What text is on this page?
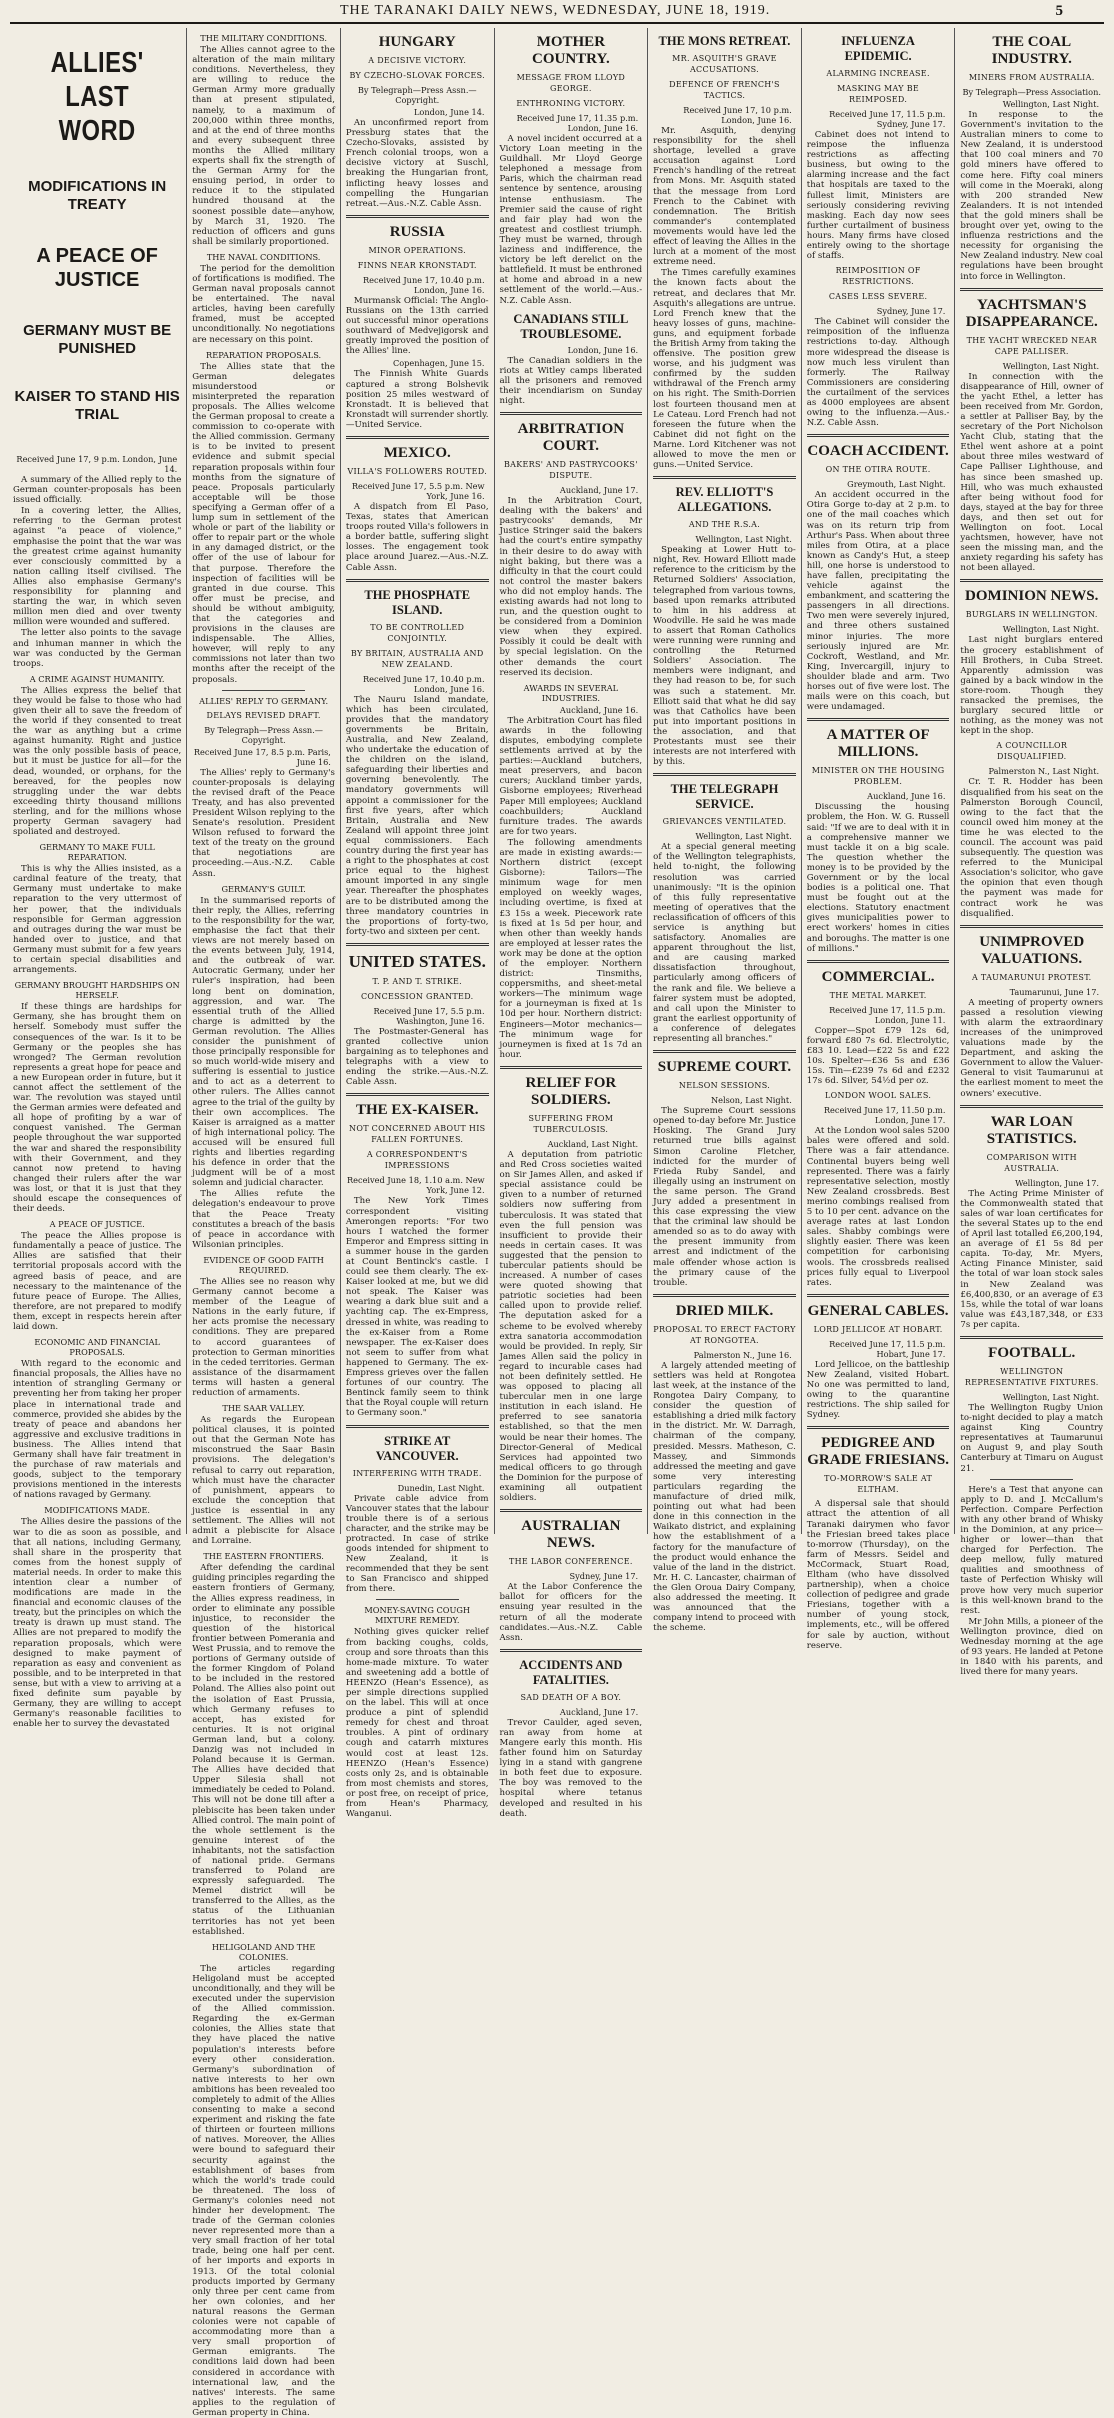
THE TARANAKI DAILY NEWS, WEDNESDAY, JUNE 18, 1919.	5
ALLIES' LAST WORD
MODIFICATIONS IN TREATY
A PEACE OF JUSTICE
GERMANY MUST BE PUNISHED
KAISER TO STAND HIS TRIAL
Received June 17, 9 p.m. London, June 14.

A summary of the Allied reply to the German counter-proposals has been issued officially.

In a covering letter, the Allies, referring to the German protest against "a peace of violence," emphasise the point that the war was the greatest crime against humanity ever consciously committed by a nation calling itself civilised. The Allies also emphasise Germany's responsibility for planning and starting the war, in which seven million men died and over twenty million were wounded and suffered.

The letter also points to the savage and inhuman manner in which the war was conducted by the German troops.

A CRIME AGAINST HUMANITY.

The Allies express the belief that they would be false to those who had given their all to save the freedom of the world if they consented to treat the war as anything but a crime against humanity. Right and justice was the only possible basis of peace, but it must be justice for all—for the dead, wounded, or orphans, for the bereaved, for the peoples now struggling under the war debts exceeding thirty thousand millions sterling, and for the millions whose property German savagery had spoliated and destroyed.

GERMANY TO MAKE FULL REPARATION.

This is why the Allies insisted, as a cardinal feature of the treaty, that Germany must undertake to make reparation to the very uttermost of her power, that the individuals responsible for German aggression and outrages during the war must be handed over to justice, and that Germany must submit for a few years to certain special disabilities and arrangements.

GERMANY BROUGHT HARDSHIPS ON HERSELF.

If these things are hardships for Germany, she has brought them on herself. Somebody must suffer the consequences of the war. Is it to be Germany or the peoples she has wronged? The German revolution represents a great hope for peace and a new European order in future, but it cannot affect the settlement of the war. The revolution was stayed until the German armies were defeated and all hope of profiting by a war of conquest vanished. The German people throughout the war supported the war and shared the responsibility with their Government, and they cannot now pretend to having changed their rulers after the war was lost, or that it is just that they should escape the consequences of their deeds.

A PEACE OF JUSTICE.

The peace the Allies propose is fundamentally a peace of justice. The Allies are satisfied that their territorial proposals accord with the agreed basis of peace, and are necessary to the maintenance of the future peace of Europe. The Allies, therefore, are not prepared to modify them, except in respects herein after laid down.

ECONOMIC AND FINANCIAL PROPOSALS.

With regard to the economic and financial proposals, the Allies have no intention of strangling Germany or preventing her from taking her proper place in international trade and commerce, provided she abides by the treaty of peace and abandons her aggressive and exclusive traditions in business. The Allies intend that Germany shall have fair treatment in the purchase of raw materials and goods, subject to the temporary provisions mentioned in the interests of nations ravaged by Germany.

MODIFICATIONS MADE.

The Allies desire the passions of the war to die as soon as possible, and that all nations, including Germany, shall share in the prosperity that comes from the honest supply of material needs. In order to make this intention clear a number of modifications are made in the financial and economic clauses of the treaty, but the principles on which the treaty is drawn up must stand. The Allies are not prepared to modify the reparation proposals, which were designed to make payment of reparation as easy and convenient as possible, and to be interpreted in that sense, but with a view to arriving at a fixed definite sum payable by Germany, they are willing to accept Germany's reasonable facilities to enable her to survey the devastated

THE MILITARY CONDITIONS.

The Allies cannot agree to the alteration of the main military conditions. Nevertheless, they are willing to reduce the German Army more gradually than at present stipulated, namely, to a maximum of 200,000 within three months, and at the end of three months and every subsequent three months the Allied military experts shall fix the strength of the German Army for the ensuing period, in order to reduce it to the stipulated hundred thousand at the soonest possible date—anyhow, by March 31, 1920. The reduction of officers and guns shall be similarly proportioned.

THE NAVAL CONDITIONS.

The period for the demolition of fortifications is modified. The German naval proposals cannot be entertained. The naval articles, having been carefully framed, must be accepted unconditionally. No negotiations are necessary on this point.

REPARATION PROPOSALS.

The Allies state that the German delegates misunderstood or misinterpreted the reparation proposals. The Allies welcome the German proposal to create a commission to co-operate with the Allied commission. Germany is to be invited to present evidence and submit special reparation proposals within four months from the signature of peace. Proposals particularly acceptable will be those specifying a German offer of a lump sum in settlement of the whole or part of the liability or offer to repair part or the whole in any damaged district, or the offer of the use of labour for that purpose. Therefore the inspection of facilities will be granted in due course. This offer must be precise, and should be without ambiguity, that the categories and provisions in the clauses are indispensable. The Allies, however, will reply to any commissions not later than two months after the receipt of the proposals.

ALLIES' REPLY TO GERMANY.
DELAYS REVISED DRAFT.
By Telegraph—Press Assn.—Copyright.
Received June 17, 8.5 p.m. Paris, June 16.

The Allies' reply to Germany's counter-proposals is delaying the revised draft of the Peace Treaty, and has also prevented President Wilson replying to the Senate's resolution. President Wilson refused to forward the text of the treaty on the ground that negotiations are proceeding.—Aus.-N.Z. Cable Assn.

GERMANY'S GUILT.

In the summarised reports of their reply, the Allies, referring to the responsibility for the war, emphasise the fact that their views are not merely based on the events between July, 1914, and the outbreak of war. Autocratic Germany, under her ruler's inspiration, had been long bent on domination, aggression, and war. The essential truth of the Allied charge is admitted by the German revolution. The Allies consider the punishment of those principally responsible for so much world-wide misery and suffering is essential to justice and to act as a deterrent to other rulers. The Allies cannot agree to the trial of the guilty by their own accomplices. The Kaiser is arraigned as a matter of high international policy. The accused will be ensured full rights and liberties regarding his defence in order that the judgment will be of a most solemn and judicial character.

The Allies refute the delegation's endeavour to prove that the Peace Treaty constitutes a breach of the basis of peace in accordance with Wilsonian principles.

EVIDENCE OF GOOD FAITH REQUIRED.

The Allies see no reason why Germany cannot become a member of the League of Nations in the early future, if her acts promise the necessary conditions. They are prepared to accord guarantees of protection to German minorities in the ceded territories. German assistance of the disarmament terms will hasten a general reduction of armaments.

THE SAAR VALLEY.

As regards the European political clauses, it is pointed out that the German Note has misconstrued the Saar Basin provisions. The delegation's refusal to carry out reparation, which must have the character of punishment, appears to exclude the conception that justice is essential in any settlement. The Allies will not admit a plebiscite for Alsace and Lorraine.

THE EASTERN FRONTIERS.

After defending the cardinal guiding principles regarding the eastern frontiers of Germany, the Allies express readiness, in order to eliminate any possible injustice, to reconsider the question of the historical frontier between Pomerania and West Prussia, and to remove the portions of Germany outside of the former Kingdom of Poland to be included in the restored Poland. The Allies also point out the isolation of East Prussia, which Germany refuses to accept, has existed for centuries. It is not original German land, but a colony. Danzig was not included in Poland because it is German. The Allies have decided that Upper Silesia shall not immediately be ceded to Poland. This will not be done till after a plebiscite has been taken under Allied control. The main point of the whole settlement is the genuine interest of the inhabitants, not the satisfaction of national pride. Germans transferred to Poland are expressly safeguarded. The Memel district will be transferred to the Allies, as the status of the Lithuanian territories has not yet been established.

HELIGOLAND AND THE COLONIES.

The articles regarding Heligoland must be accepted unconditionally, and they will be executed under the supervision of the Allied commission. Regarding the ex-German colonies, the Allies state that they have placed the native population's interests before every other consideration. Germany's subordination of native interests to her own ambitions has been revealed too completely to admit of the Allies consenting to make a second experiment and risking the fate of thirteen or fourteen millions of natives. Moreover, the Allies were bound to safeguard their security against the establishment of bases from which the world's trade could be threatened. The loss of Germany's colonies need not hinder her development. The trade of the German colonies never represented more than a very small fraction of her total trade, being one half per cent. of her imports and exports in 1913. Of the total colonial products imported by Germany only three per cent came from her own colonies, and her natural reasons the German colonies were not capable of accommodating more than a very small proportion of German emigrants. The conditions laid down had been considered in accordance with international law, and the natives' interests. The same applies to the regulation of German property in China.

HUNGARY
A DECISIVE VICTORY.
BY CZECHO-SLOVAK FORCES.
By Telegraph—Press Assn.—Copyright.
London, June 14.

An unconfirmed report from Pressburg states that the Czecho-Slovaks, assisted by French colonial troops, won a decisive victory at Suschl, breaking the Hungarian front, inflicting heavy losses and compelling the Hungarian retreat.—Aus.-N.Z. Cable Assn.

RUSSIA
MINOR OPERATIONS.
FINNS NEAR KRONSTADT.
Received June 17, 10.40 p.m. London, June 16.

Murmansk Official: The Anglo-Russians on the 13th carried out successful minor operations southward of Medvejigorsk and greatly improved the position of the Allies' line.

Copenhagen, June 15.

The Finnish White Guards captured a strong Bolshevik position 25 miles westward of Kronstadt. It is believed that Kronstadt will surrender shortly.—United Service.

MEXICO.
VILLA'S FOLLOWERS ROUTED.
Received June 17, 5.5 p.m. New York, June 16.

A dispatch from El Paso, Texas, states that American troops routed Villa's followers in a border battle, suffering slight losses. The engagement took place around Juarez.—Aus.-N.Z. Cable Assn.

THE PHOSPHATE ISLAND.
TO BE CONTROLLED CONJOINTLY.
BY BRITAIN, AUSTRALIA AND NEW ZEALAND.
Received June 17, 10.40 p.m. London, June 16.

The Nauru Island mandate, which has been circulated, provides that the mandatory governments be Britain, Australia, and New Zealand, who undertake the education of the children on the island, safeguarding their liberties and governing benevolently. The mandatory governments will appoint a commissioner for the first five years, after which Britain, Australia and New Zealand will appoint three joint equal commissioners. Each country during the first year has a right to the phosphates at cost price equal to the highest amount imported in any single year. Thereafter the phosphates are to be distributed among the three mandatory countries in the proportions of forty-two, forty-two and sixteen per cent.

UNITED STATES.
T. P. AND T. STRIKE.
CONCESSION GRANTED.
Received June 17, 5.5 p.m. Washington, June 16.

The Postmaster-General has granted collective union bargaining as to telephones and telegraphs with a view to ending the strike.—Aus.-N.Z. Cable Assn.

THE EX-KAISER.
NOT CONCERNED ABOUT HIS FALLEN FORTUNES.
A CORRESPONDENT'S IMPRESSIONS
Received June 18, 1.10 a.m. New York, June 12.

The New York Times correspondent visiting Amerongen reports: "For two hours I watched the former Emperor and Empress sitting in a summer house in the garden at Count Bentinck's castle. I could see them clearly. The ex-Kaiser looked at me, but we did not speak. The Kaiser was wearing a dark blue suit and a yachting cap. The ex-Empress, dressed in white, was reading to the ex-Kaiser from a Rome newspaper. The ex-Kaiser does not seem to suffer from what happened to Germany. The ex-Empress grieves over the fallen fortunes of our country. The Bentinck family seem to think that the Royal couple will return to Germany soon."

STRIKE AT VANCOUVER.
INTERFERING WITH TRADE.
Dunedin, Last Night.

Private cable advice from Vancouver states that the labour trouble there is of a serious character, and the strike may be protracted. In case of strike goods intended for shipment to New Zealand, it is recommended that they be sent to San Francisco and shipped from there.

MONEY-SAVING COUGH MIXTURE REMEDY.

Nothing gives quicker relief from backing coughs, colds, croup and sore throats than this home-made mixture. To water and sweetening add a bottle of HEENZO (Hean's Essence), as per simple directions supplied on the label. This will at once produce a pint of splendid remedy for chest and throat troubles. A pint of ordinary cough and catarrh mixtures would cost at least 12s. HEENZO (Hean's Essence) costs only 2s, and is obtainable from most chemists and stores, or post free, on receipt of price, from Hean's Pharmacy, Wanganui.

MOTHER COUNTRY.
MESSAGE FROM LLOYD GEORGE.
ENTHRONING VICTORY.
Received June 17, 11.35 p.m. London, June 16.

A novel incident occurred at a Victory Loan meeting in the Guildhall. Mr Lloyd George telephoned a message from Paris, which the chairman read sentence by sentence, arousing intense enthusiasm. The Premier said the cause of right and fair play had won the greatest and costliest triumph. They must be warned, through laziness and indifference, the victory be left derelict on the battlefield. It must be enthroned at home and abroad in a new settlement of the world.—Aus.-N.Z. Cable Assn.

CANADIANS STILL TROUBLESOME.
London, June 16.

The Canadian soldiers in the riots at Witley camps liberated all the prisoners and removed their incendiarism on Sunday night.

ARBITRATION COURT.
BAKERS' AND PASTRYCOOKS' DISPUTE.
Auckland, June 17.

In the Arbitration Court, dealing with the bakers' and pastrycooks' demands, Mr Justice Stringer said the bakers had the court's entire sympathy in their desire to do away with night baking, but there was a difficulty in that the court could not control the master bakers who did not employ hands. The existing awards had not long to run, and the question ought to be considered from a Dominion view when they expired. Possibly it could be dealt with by special legislation. On the other demands the court reserved its decision.

AWARDS IN SEVERAL INDUSTRIES.
Auckland, June 16.

The Arbitration Court has filed awards in the following disputes, embodying complete settlements arrived at by the parties:—Auckland butchers, meat preservers, and bacon curers; Auckland timber yards, Gisborne employees; Riverhead Paper Mill employees; Auckland coachbuilders; Auckland furniture trades. The awards are for two years.

The following amendments are made in existing awards:—Northern district (except Gisborne): Tailors—The minimum wage for men employed on weekly wages, including overtime, is fixed at £3 15s a week. Piecework rate is fixed at 1s 5d per hour, and when other than weekly hands are employed at lesser rates the work may be done at the option of the employer. Northern district: Tinsmiths, coppersmiths, and sheet-metal workers—The minimum wage for a journeyman is fixed at 1s 10d per hour. Northern district: Engineers—Motor mechanics—The minimum wage for journeymen is fixed at 1s 7d an hour.

RELIEF FOR SOLDIERS.
SUFFERING FROM TUBERCULOSIS.
Auckland, Last Night.

A deputation from patriotic and Red Cross societies waited on Sir James Allen, and asked if special assistance could be given to a number of returned soldiers now suffering from tuberculosis. It was stated that even the full pension was insufficient to provide their needs in certain cases. It was suggested that the pension to tubercular patients should be increased. A number of cases were quoted showing that patriotic societies had been called upon to provide relief. The deputation asked for a scheme to be evolved whereby extra sanatoria accommodation would be provided. In reply, Sir James Allen said the policy in regard to incurable cases had not been definitely settled. He was opposed to placing all tubercular men in one large institution in each island. He preferred to see sanatoria established, so that the men would be near their homes. The Director-General of Medical Services had appointed two medical officers to go through the Dominion for the purpose of examining all outpatient soldiers.

AUSTRALIAN NEWS.
THE LABOR CONFERENCE.
Sydney, June 17.

At the Labor Conference the ballot for officers for the ensuing year resulted in the return of all the moderate candidates.—Aus.-N.Z. Cable Assn.

ACCIDENTS AND FATALITIES.
SAD DEATH OF A BOY.
Auckland, June 17.

Trevor Caulder, aged seven, ran away from home at Mangere early this month. His father found him on Saturday lying in a stand with gangrene in both feet due to exposure. The boy was removed to the hospital where tetanus developed and resulted in his death.

THE MONS RETREAT.
MR. ASQUITH'S GRAVE ACCUSATIONS.
DEFENCE OF FRENCH'S TACTICS.
Received June 17, 10 p.m. London, June 16.

Mr. Asquith, denying responsibility for the shell shortage, levelled a grave accusation against Lord French's handling of the retreat from Mons. Mr. Asquith stated that the message from Lord French to the Cabinet with condemnation. The British commander's contemplated movements would have led the effect of leaving the Allies in the lurch at a moment of the most extreme need.

The Times carefully examines the known facts about the retreat, and declares that Mr. Asquith's allegations are untrue. Lord French knew that the heavy losses of guns, machine-guns, and equipment forbade the British Army from taking the offensive. The position grew worse, and his judgment was confirmed by the sudden withdrawal of the French army on his right. The Smith-Dorrien lost fourteen thousand men at Le Cateau. Lord French had not foreseen the future when the Cabinet did not fight on the Marne. Lord Kitchener was not allowed to move the men or guns.—United Service.

REV. ELLIOTT'S ALLEGATIONS.
AND THE R.S.A.
Wellington, Last Night.

Speaking at Lower Hutt to-night, Rev. Howard Elliott made reference to the criticism by the Returned Soldiers' Association, telegraphed from various towns, based upon remarks attributed to him in his address at Woodville. He said he was made to assert that Roman Catholics were running were running and controlling the Returned Soldiers' Association. The members were indignant, and they had reason to be, for such was such a statement. Mr. Elliott said that what he did say was that Catholics have been put into important positions in the association, and that Protestants must see their interests are not interfered with by this.

THE TELEGRAPH SERVICE.
GRIEVANCES VENTILATED.
Wellington, Last Night.

At a special general meeting of the Wellington telegraphists, held to-night, the following resolution was carried unanimously: "It is the opinion of this fully representative meeting of operatives that the reclassification of officers of this service is anything but satisfactory. Anomalies are apparent throughout the list, and are causing marked dissatisfaction throughout, particularly among officers of the rank and file. We believe a fairer system must be adopted, and call upon the Minister to grant the earliest opportunity of a conference of delegates representing all branches."

SUPREME COURT.
NELSON SESSIONS.
Nelson, Last Night.

The Supreme Court sessions opened to-day before Mr. Justice Hosking. The Grand Jury returned true bills against Simon Caroline Fletcher, indicted for the murder of Frieda Ruby Sandel, and illegally using an instrument on the same person. The Grand Jury added a presentment in this case expressing the view that the criminal law should be amended so as to do away with the present immunity from arrest and indictment of the male offender whose action is the primary cause of the trouble.

DRIED MILK.
PROPOSAL TO ERECT FACTORY AT RONGOTEA.
Palmerston N., June 16.

A largely attended meeting of settlers was held at Rongotea last week, at the instance of the Rongotea Dairy Company, to consider the question of establishing a dried milk factory in the district. Mr. W. Darragh, chairman of the company, presided. Messrs. Matheson, C. Massey, and Simmonds addressed the meeting and gave some very interesting particulars regarding the manufacture of dried milk, pointing out what had been done in this connection in the Waikato district, and explaining how the establishment of a factory for the manufacture of the product would enhance the value of the land in the district. Mr. H. C. Lancaster, chairman of the Glen Oroua Dairy Company, also addressed the meeting. It was announced that the company intend to proceed with the scheme.

INFLUENZA EPIDEMIC.
ALARMING INCREASE.
MASKING MAY BE REIMPOSED.
Received June 17, 11.5 p.m. Sydney, June 17.

Cabinet does not intend to reimpose the influenza restrictions as affecting business, but owing to the alarming increase and the fact that hospitals are taxed to the fullest limit, Ministers are seriously considering reviving masking. Each day now sees further curtailment of business hours. Many firms have closed entirely owing to the shortage of staffs.

REIMPOSITION OF RESTRICTIONS.
CASES LESS SEVERE.
Sydney, June 17.

The Cabinet will consider the reimposition of the influenza restrictions to-day. Although more widespread the disease is now much less virulent than formerly. The Railway Commissioners are considering the curtailment of the services as 4000 employees are absent owing to the influenza.—Aus.-N.Z. Cable Assn.

COACH ACCIDENT.
ON THE OTIRA ROUTE.
Greymouth, Last Night.

An accident occurred in the Otira Gorge to-day at 2 p.m. to one of the mail coaches which was on its return trip from Arthur's Pass. When about three miles from Otira, at a place known as Candy's Hut, a steep hill, one horse is understood to have fallen, precipitating the vehicle against the embankment, and scattering the passengers in all directions. Two men were severely injured, and three others sustained minor injuries. The more seriously injured are Mr. Cockroft, Westland, and Mr. King, Invercargill, injury to shoulder blade and arm. Two horses out of five were lost. The mails were on this coach, but were undamaged.

A MATTER OF MILLIONS.
MINISTER ON THE HOUSING PROBLEM.
Auckland, June 16.

Discussing the housing problem, the Hon. W. G. Russell said: "If we are to deal with it in a comprehensive manner we must tackle it on a big scale. The question whether the money is to be provided by the Government or by the local bodies is a political one. That must be fought out at the elections. Statutory enactment gives municipalities power to erect workers' homes in cities and boroughs. The matter is one of millions."

COMMERCIAL.
THE METAL MARKET.
Received June 17, 11.5 p.m. London, June 11.

Copper—Spot £79 12s 6d, forward £80 7s 6d. Electrolytic, £83 10. Lead—£22 5s and £22 10s. Spelter—£36 5s and £36 15s. Tin—£239 7s 6d and £232 17s 6d. Silver, 54½d per oz.

LONDON WOOL SALES.
Received June 17, 11.50 p.m. London, June 17.

At the London wool sales 5200 bales were offered and sold. There was a fair attendance. Continental buyers being well represented. There was a fairly representative selection, mostly New Zealand crossbreds. Best merino combings realised from 5 to 10 per cent. advance on the average rates at last London sales. Shabby combings were slightly easier. There was keen competition for carbonising wools. The crossbreds realised prices fully equal to Liverpool rates.

GENERAL CABLES.
LORD JELLICOE AT HOBART.
Received June 17, 11.5 p.m. Hobart, June 17.

Lord Jellicoe, on the battleship New Zealand, visited Hobart. No one was permitted to land, owing to the quarantine restrictions. The ship sailed for Sydney.

PEDIGREE AND GRADE FRIESIANS.
TO-MORROW'S SALE AT ELTHAM.

A dispersal sale that should attract the attention of all Taranaki dairymen who favor the Friesian breed takes place to-morrow (Thursday), on the farm of Messrs. Seidel and McCormack, Stuart Road, Eltham (who have dissolved partnership), when a choice collection of pedigree and grade Friesians, together with a number of young stock, implements, etc., will be offered for sale by auction, without reserve.

THE COAL INDUSTRY.
MINERS FROM AUSTRALIA.
By Telegraph—Press Association.
Wellington, Last Night.

In response to the Government's invitation to the Australian miners to come to New Zealand, it is understood that 100 coal miners and 70 gold miners have offered to come here. Fifty coal miners will come in the Moeraki, along with 200 stranded New Zealanders. It is not intended that the gold miners shall be brought over yet, owing to the influenza restrictions and the necessity for organising the New Zealand industry. New coal regulations have been brought into force in Wellington.

YACHTSMAN'S DISAPPEARANCE.
THE YACHT WRECKED NEAR CAPE PALLISER.
Wellington, Last Night.

In connection with the disappearance of Hill, owner of the yacht Ethel, a letter has been received from Mr. Gordon, a settler at Palliser Bay, by the secretary of the Port Nicholson Yacht Club, stating that the Ethel went ashore at a point about three miles westward of Cape Palliser Lighthouse, and has since been smashed up. Hill, who was much exhausted after being without food for days, stayed at the bay for three days, and then set out for Wellington on foot. Local yachtsmen, however, have not seen the missing man, and the anxiety regarding his safety has not been allayed.

DOMINION NEWS.
BURGLARS IN WELLINGTON.
Wellington, Last Night.

Last night burglars entered the grocery establishment of Hill Brothers, in Cuba Street. Apparently admission was gained by a back window in the store-room. Though they ransacked the premises, the burglary secured little or nothing, as the money was not kept in the shop.

A COUNCILLOR DISQUALIFIED.
Palmerston N., Last Night.

Cr. T. R. Hodder has been disqualified from his seat on the Palmerston Borough Council, owing to the fact that the council owed him money at the time he was elected to the council. The account was paid subsequently. The question was referred to the Municipal Association's solicitor, who gave the opinion that even though the payment was made for contract work he was disqualified.

UNIMPROVED VALUATIONS.
A TAUMARUNUI PROTEST.
Taumarunui, June 17.

A meeting of property owners passed a resolution viewing with alarm the extraordinary increases of the unimproved valuations made by the Department, and asking the Government to allow the Valuer-General to visit Taumarunui at the earliest moment to meet the owners' executive.

WAR LOAN STATISTICS.
COMPARISON WITH AUSTRALIA.
Wellington, June 17.

The Acting Prime Minister of the Commonwealth stated that sales of war loan certificates for the several States up to the end of April last totalled £6,200,194, an average of £1 5s 8d per capita. To-day, Mr. Myers, Acting Finance Minister, said the total of war loan stock sales in New Zealand was £6,400,830, or an average of £3 15s, while the total of war loans value was £43,187,348, or £33 7s per capita.

FOOTBALL.
WELLINGTON REPRESENTATIVE FIXTURES.
Wellington, Last Night.

The Wellington Rugby Union to-night decided to play a match against King Country representatives at Taumarunui on August 9, and play South Canterbury at Timaru on August 21.

Here's a Test that anyone can apply to D. and J. McCallum's Perfection. Compare Perfection with any other brand of Whisky in the Dominion, at any price—higher or lower—than that charged for Perfection. The deep mellow, fully matured qualities and smoothness of taste of Perfection Whisky will prove how very much superior is this well-known brand to the rest.

Mr John Mills, a pioneer of the Wellington province, died on Wednesday morning at the age of 93 years. He landed at Petone in 1840 with his parents, and lived there for many years.
